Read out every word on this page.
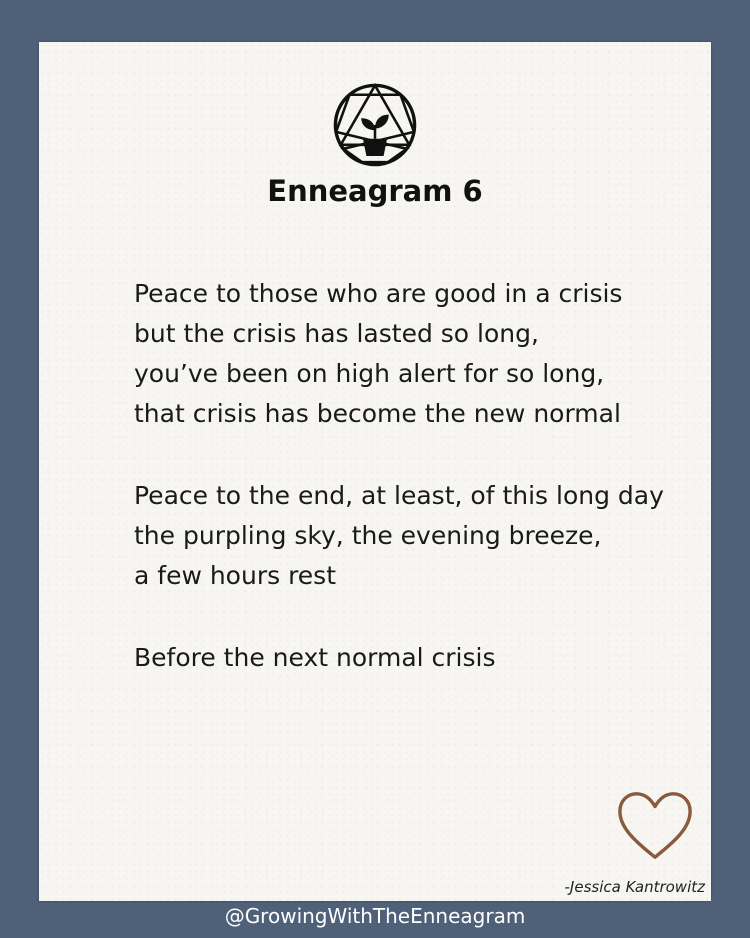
Enneagram 6
Peace to those who are good in a crisis
but the crisis has lasted so long,
you’ve been on high alert for so long,
that crisis has become the new normal
Peace to the end, at least, of this long day
the purpling sky, the evening breeze,
a few hours rest
Before the next normal crisis
-Jessica Kantrowitz
@GrowingWithTheEnneagram
